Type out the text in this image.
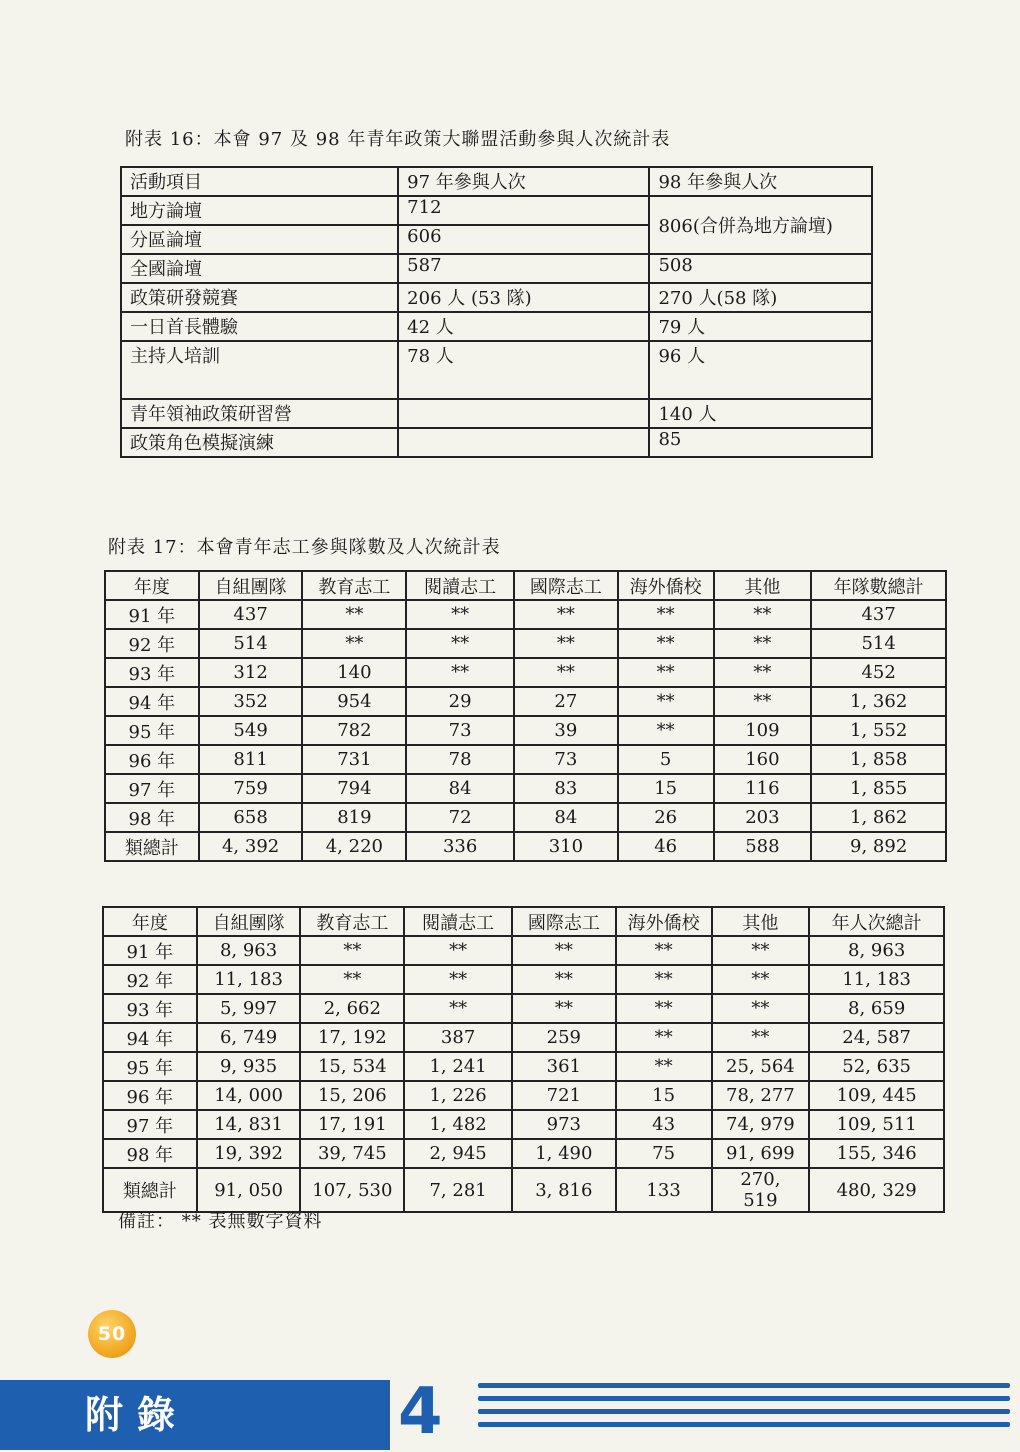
附表 16：本會 97 及 98 年青年政策大聯盟活動參與人次統計表
活動項目	97 年參與人次	98 年參與人次
地方論壇	712	806(合併為地方論壇)
分區論壇	606	
全國論壇	587	508
政策研發競賽	206 人 (53 隊)	270 人(58 隊)
一日首長體驗	42 人	79 人
主持人培訓	78 人	96 人
青年領袖政策研習營		140 人
政策角色模擬演練		85
附表 17：本會青年志工參與隊數及人次統計表
年度	自組團隊	教育志工	閱讀志工	國際志工	海外僑校	其他	年隊數總計
91 年	437	**	**	**	**	**	437
92 年	514	**	**	**	**	**	514
93 年	312	140	**	**	**	**	452
94 年	352	954	29	27	**	**	1, 362
95 年	549	782	73	39	**	109	1, 552
96 年	811	731	78	73	5	160	1, 858
97 年	759	794	84	83	15	116	1, 855
98 年	658	819	72	84	26	203	1, 862
類總計	4, 392	4, 220	336	310	46	588	9, 892
年度	自組團隊	教育志工	閱讀志工	國際志工	海外僑校	其他	年人次總計
91 年	8, 963	**	**	**	**	**	8, 963
92 年	11, 183	**	**	**	**	**	11, 183
93 年	5, 997	2, 662	**	**	**	**	8, 659
94 年	6, 749	17, 192	387	259	**	**	24, 587
95 年	9, 935	15, 534	1, 241	361	**	25, 564	52, 635
96 年	14, 000	15, 206	1, 226	721	15	78, 277	109, 445
97 年	14, 831	17, 191	1, 482	973	43	74, 979	109, 511
98 年	19, 392	39, 745	2, 945	1, 490	75	91, 699	155, 346
類總計	91, 050	107, 530	7, 281	3, 816	133	270, 519	480, 329
備註： ** 表無數字資料
50
附錄	4
